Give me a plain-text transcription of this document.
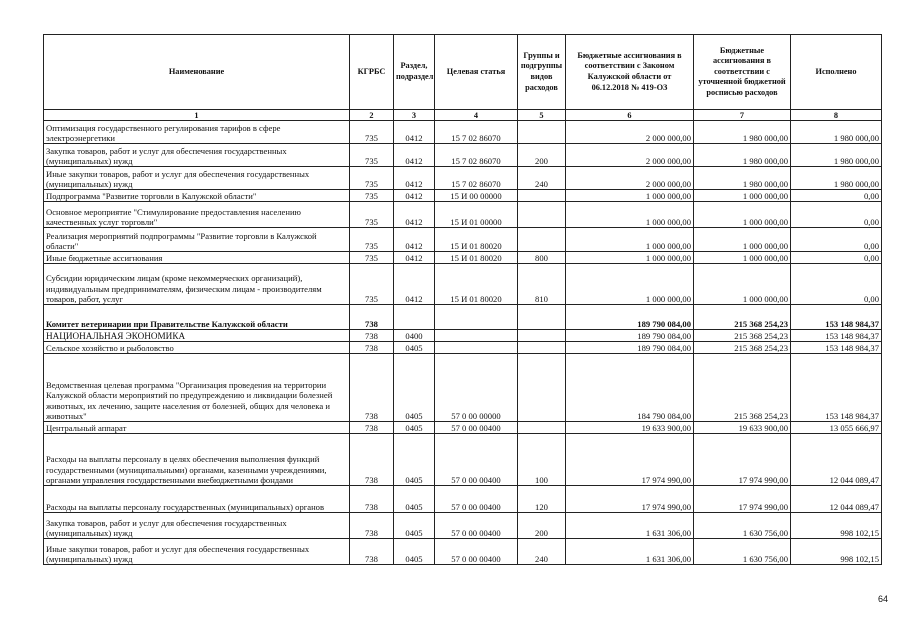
Наименование	КГРБС	Раздел, подраздел	Целевая статья	Группы и подгруппы видов расходов	Бюджетные ассигнования в соответствии с Законом Калужской области от 06.12.2018 № 419-ОЗ	Бюджетные ассигнования в соответствии с уточненной бюджетной росписью расходов	Исполнено
1	2	3	4	5	6	7	8
Оптимизация государственного регулирования тарифов в сфере электроэнергетики	735	0412	15 7 02 86070		2 000 000,00	1 980 000,00	1 980 000,00
Закупка товаров, работ и услуг для обеспечения государственных (муниципальных) нужд	735	0412	15 7 02 86070	200	2 000 000,00	1 980 000,00	1 980 000,00
Иные закупки товаров, работ и услуг для обеспечения государственных (муниципальных) нужд	735	0412	15 7 02 86070	240	2 000 000,00	1 980 000,00	1 980 000,00
Подпрограмма "Развитие торговли в Калужской области"	735	0412	15 И 00 00000		1 000 000,00	1 000 000,00	0,00
Основное мероприятие "Стимулирование предоставления населению качественных услуг торговли"	735	0412	15 И 01 00000		1 000 000,00	1 000 000,00	0,00
Реализация мероприятий подпрограммы "Развитие торговли в Калужской области"	735	0412	15 И 01 80020		1 000 000,00	1 000 000,00	0,00
Иные бюджетные ассигнования	735	0412	15 И 01 80020	800	1 000 000,00	1 000 000,00	0,00
Субсидии юридическим лицам (кроме некоммерческих организаций), индивидуальным предпринимателям, физическим лицам - производителям товаров, работ, услуг	735	0412	15 И 01 80020	810	1 000 000,00	1 000 000,00	0,00
Комитет ветеринарии при Правительстве Калужской области	738				189 790 084,00	215 368 254,23	153 148 984,37
НАЦИОНАЛЬНАЯ ЭКОНОМИКА	738	0400			189 790 084,00	215 368 254,23	153 148 984,37
Сельское хозяйство и рыболовство	738	0405			189 790 084,00	215 368 254,23	153 148 984,37
Ведомственная целевая программа "Организация проведения на территории Калужской области мероприятий по предупреждению и ликвидации болезней животных, их лечению, защите населения от болезней, общих для человека и животных"	738	0405	57 0 00 00000		184 790 084,00	215 368 254,23	153 148 984,37
Центральный аппарат	738	0405	57 0 00 00400		19 633 900,00	19 633 900,00	13 055 666,97
Расходы на выплаты персоналу в целях обеспечения выполнения функций государственными (муниципальными) органами, казенными учреждениями, органами управления государственными внебюджетными фондами	738	0405	57 0 00 00400	100	17 974 990,00	17 974 990,00	12 044 089,47
Расходы на выплаты персоналу государственных (муниципальных) органов	738	0405	57 0 00 00400	120	17 974 990,00	17 974 990,00	12 044 089,47
Закупка товаров, работ и услуг для обеспечения государственных (муниципальных) нужд	738	0405	57 0 00 00400	200	1 631 306,00	1 630 756,00	998 102,15
Иные закупки товаров, работ и услуг для обеспечения государственных (муниципальных) нужд	738	0405	57 0 00 00400	240	1 631 306,00	1 630 756,00	998 102,15
64
